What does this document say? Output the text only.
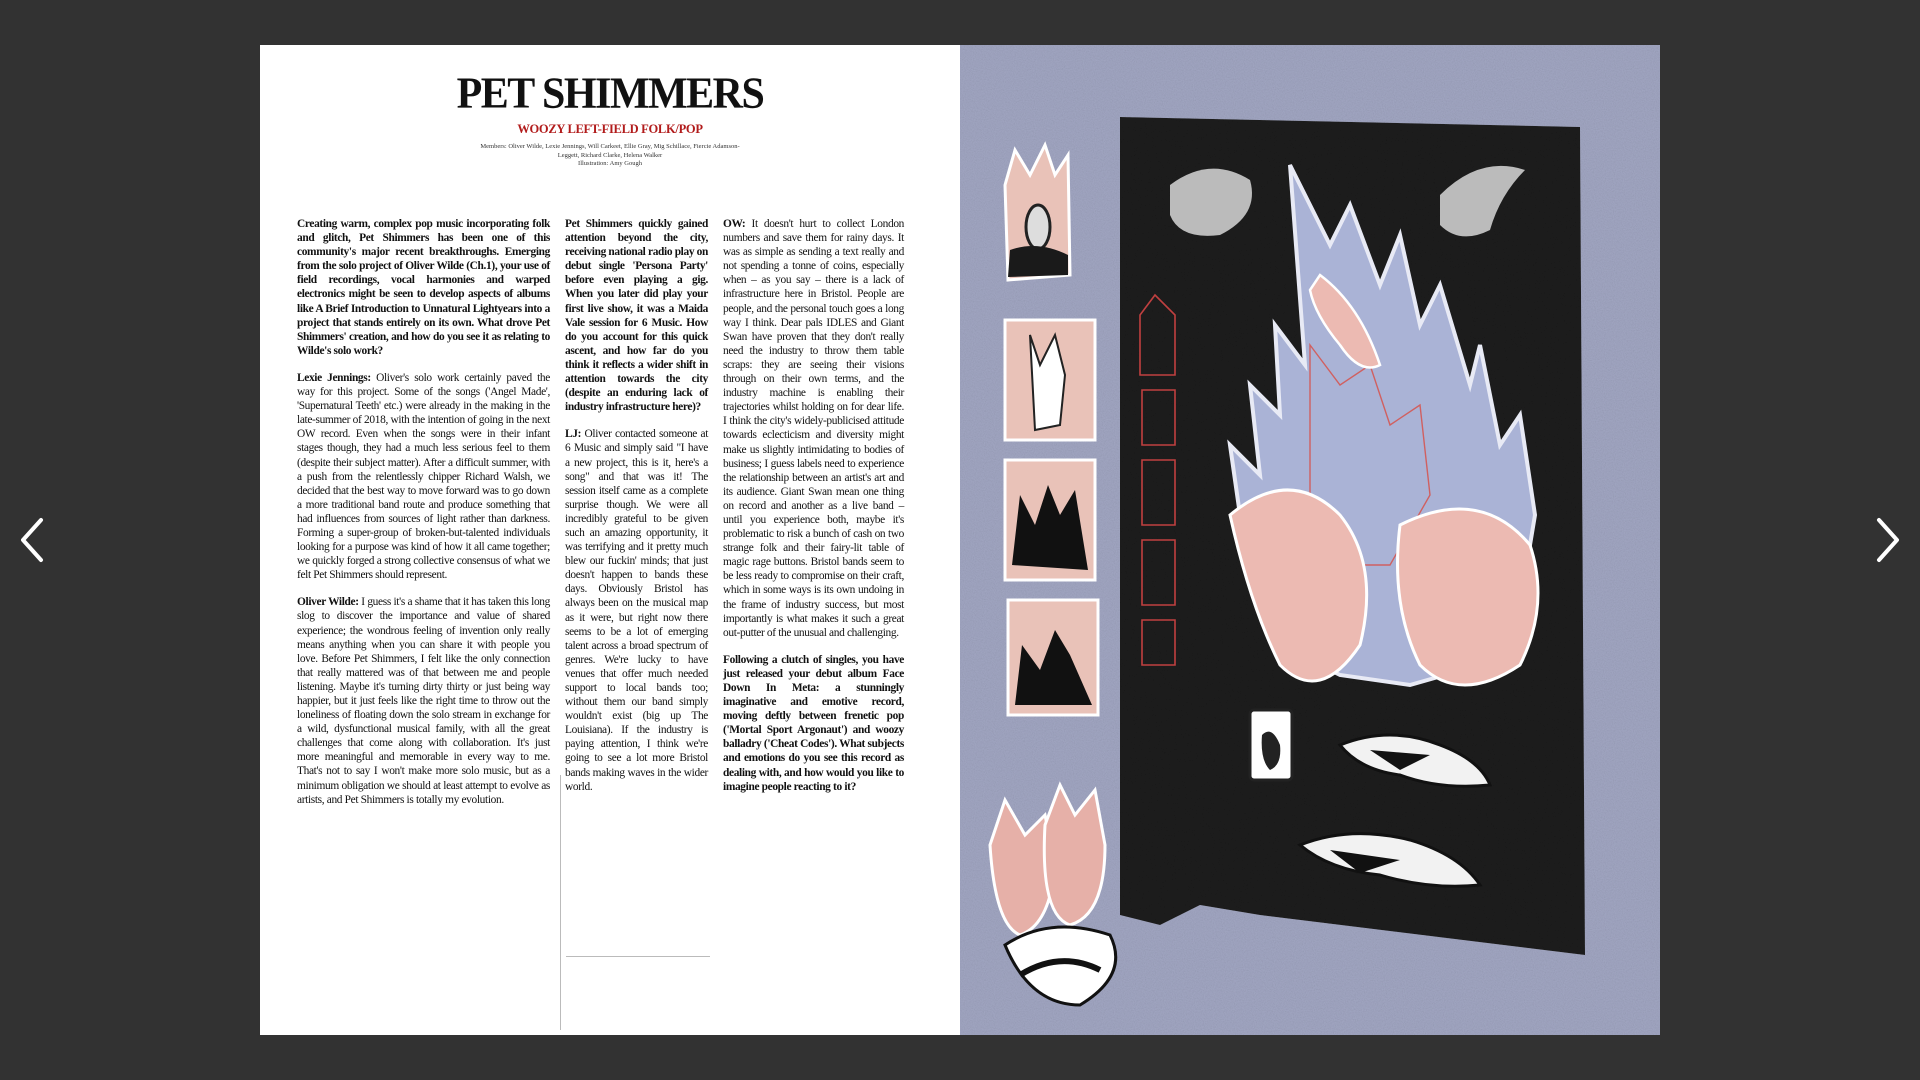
PET SHIMMERS
WOOZY LEFT-FIELD FOLK/POP

Members: Oliver Wilde, Lexie Jennings, Will Carkeet, Ellie Gray, Mig Schillace, Fiercie Adamson-Leggett, Richard Clarke, Helena Walker

Illustration: Amy Gough

Creating warm, complex pop music incorporating folk and glitch, Pet Shimmers has been one of this community's major recent breakthroughs. Emerging from the solo project of Oliver Wilde (Ch.1), your use of field recordings, vocal harmonies and warped electronics might be seen to develop aspects of albums like A Brief Introduction to Unnatural Lightyears into a project that stands entirely on its own. What drove Pet Shimmers' creation, and how do you see it as relating to Wilde's solo work?

Lexie Jennings: Oliver's solo work certainly paved the way for this project. Some of the songs ('Angel Made', 'Supernatural Teeth' etc.) were already in the making in the late-summer of 2018, with the intention of going in the next OW record. Even when the songs were in their infant stages though, they had a much less serious feel to them (despite their subject matter). After a difficult summer, with a push from the relentlessly chipper Richard Walsh, we decided that the best way to move forward was to go down a more traditional band route and produce something that had influences from sources of light rather than darkness. Forming a super-group of broken-but-talented individuals looking for a purpose was kind of how it all came together; we quickly forged a strong collective consensus of what we felt Pet Shimmers should represent.

Oliver Wilde: I guess it's a shame that it has taken this long slog to discover the importance and value of shared experience; the wondrous feeling of invention only really means anything when you can share it with people you love. Before Pet Shimmers, I felt like the only connection that really mattered was of that between me and people listening. Maybe it's turning dirty thirty or just being way happier, but it just feels like the right time to throw out the loneliness of floating down the solo stream in exchange for a wild, dysfunctional musical family, with all the great challenges that come along with collaboration. It's just more meaningful and memorable in every way to me. That's not to say I won't make more solo music, but as a minimum obligation we should at least attempt to evolve as artists, and Pet Shimmers is totally my evolution.

Pet Shimmers quickly gained attention beyond the city, receiving national radio play on debut single 'Persona Party' before even playing a gig. When you later did play your first live show, it was a Maida Vale session for 6 Music. How do you account for this quick ascent, and how far do you think it reflects a wider shift in attention towards the city (despite an enduring lack of industry infrastructure here)?

LJ: Oliver contacted someone at 6 Music and simply said "I have a new project, this is it, here's a song" and that was it! The session itself came as a complete surprise though. We were all incredibly grateful to be given such an amazing opportunity, it was terrifying and it pretty much blew our fuckin' minds; that just doesn't happen to bands these days. Obviously Bristol has always been on the musical map as it were, but right now there seems to be a lot of emerging talent across a broad spectrum of genres. We're lucky to have venues that offer much needed support to local bands too; without them our band simply wouldn't exist (big up The Louisiana). If the industry is paying attention, I think we're going to see a lot more Bristol bands making waves in the wider world.

OW: It doesn't hurt to collect London numbers and save them for rainy days. It was as simple as sending a text really and not spending a tonne of coins, especially when – as you say – there is a lack of infrastructure here in Bristol. People are people, and the personal touch goes a long way I think. Dear pals IDLES and Giant Swan have proven that they don't really need the industry to throw them table scraps: they are seeing their visions through on their own terms, and the industry machine is enabling their trajectories whilst holding on for dear life. I think the city's widely-publicised attitude towards eclecticism and diversity might make us slightly intimidating to bodies of business; I guess labels need to experience the relationship between an artist's art and its audience. Giant Swan mean one thing on record and another as a live band – until you experience both, maybe it's problematic to risk a bunch of cash on two strange folk and their fairy-lit table of magic rage buttons. Bristol bands seem to be less ready to compromise on their craft, which in some ways is its own undoing in the frame of industry success, but most importantly is what makes it such a great out-putter of the unusual and challenging.

Following a clutch of singles, you have just released your debut album Face Down In Meta: a stunningly imaginative and emotive record, moving deftly between frenetic pop ('Mortal Sport Argonaut') and woozy balladry ('Cheat Codes'). What subjects and emotions do you see this record as dealing with, and how would you like to imagine people reacting to it?
